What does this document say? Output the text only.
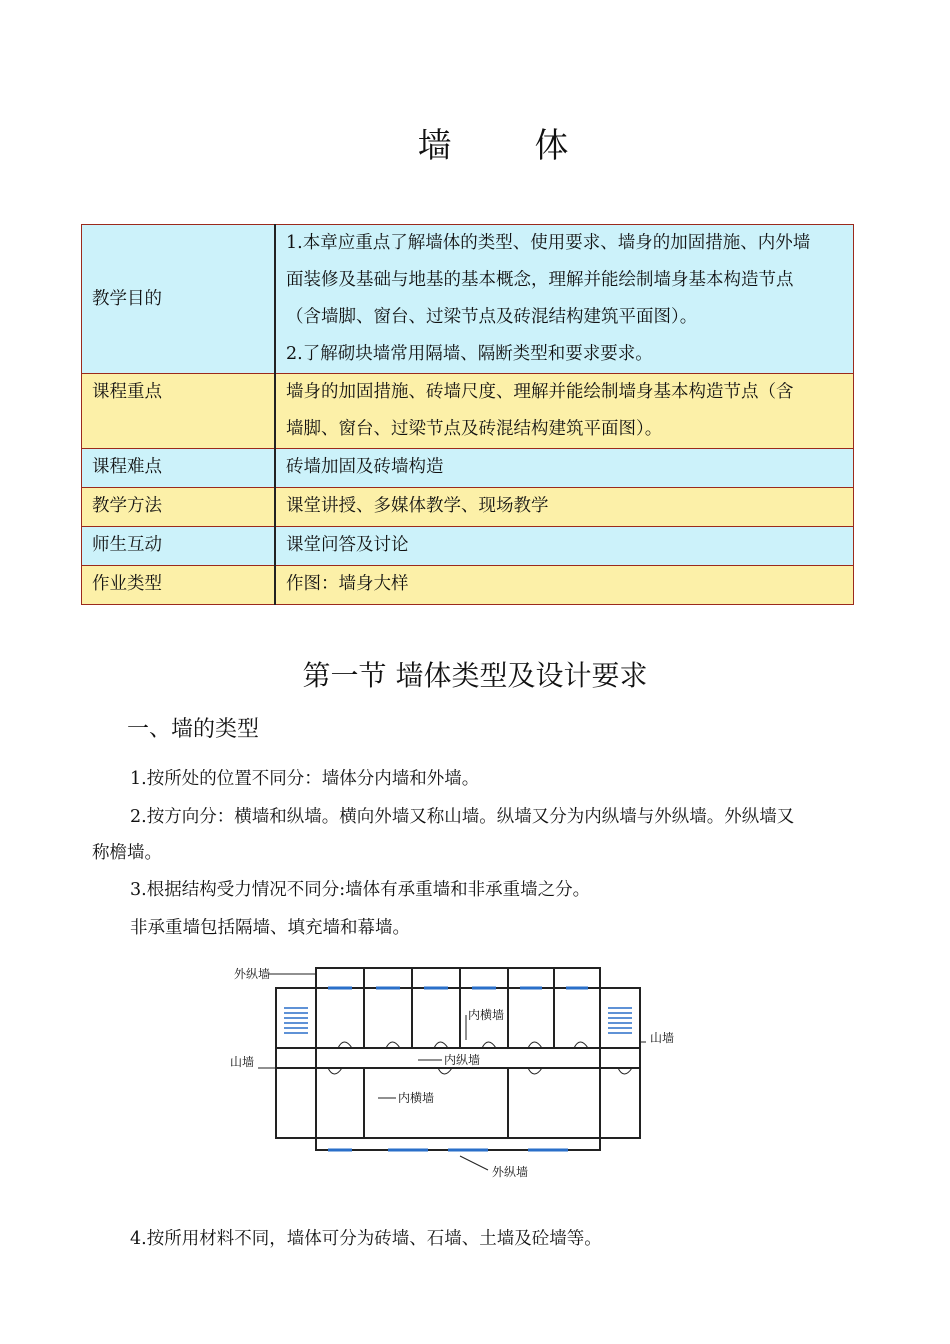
墙 体
教学目的	1.本章应重点了解墙体的类型、使用要求、墙身的加固措施、内外墙
面装修及基础与地基的基本概念，理解并能绘制墙身基本构造节点
（含墙脚、窗台、过梁节点及砖混结构建筑平面图）。
2.了解砌块墙常用隔墙、隔断类型和要求要求。

课程重点	墙身的加固措施、砖墙尺度、理解并能绘制墙身基本构造节点（含
墙脚、窗台、过梁节点及砖混结构建筑平面图）。

课程难点	砖墙加固及砖墙构造
教学方法	课堂讲授、多媒体教学、现场教学
师生互动	课堂问答及讨论
作业类型	作图：墙身大样
第一节 墙体类型及设计要求
一、墙的类型
1.按所处的位置不同分：墙体分内墙和外墙。
2.按方向分：横墙和纵墙。横向外墙又称山墙。纵墙又分为内纵墙与外纵墙。外纵墙又
称檐墙。
3.根据结构受力情况不同分:墙体有承重墙和非承重墙之分。
非承重墙包括隔墙、填充墙和幕墙。
外纵墙
内横墙
山墙
山墙	内纵墙
内横墙
外纵墙
4.按所用材料不同，墙体可分为砖墙、石墙、土墙及砼墙等。
